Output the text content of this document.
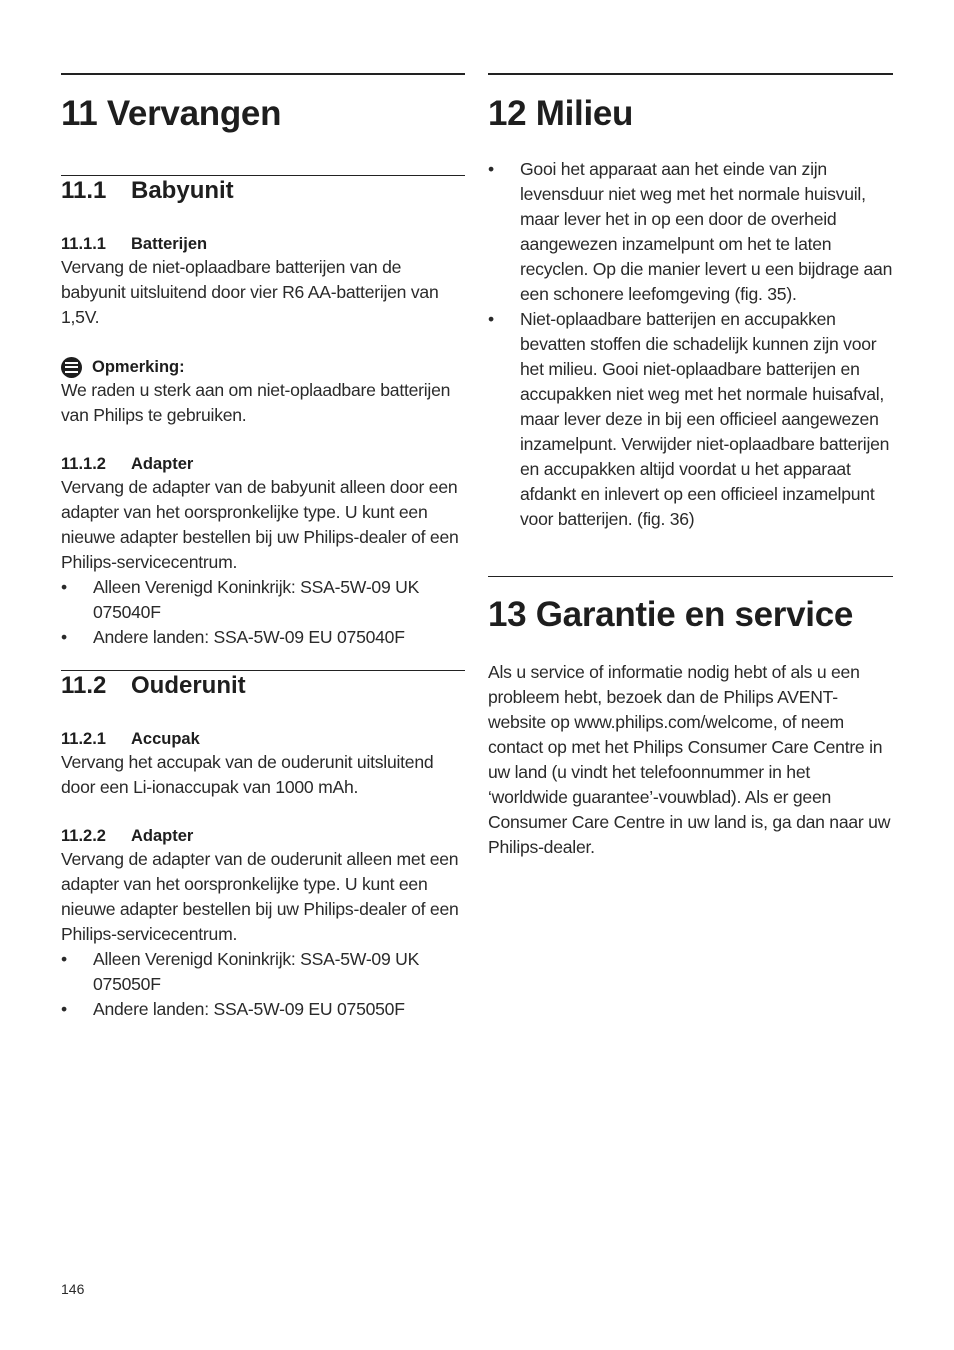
11 Vervangen
11.1 Babyunit
11.1.1 Batterijen

Vervang de niet-oplaadbare batterijen van de babyunit uitsluitend door vier R6 AA-batterijen van 1,5V.

Opmerking:

We raden u sterk aan om niet-oplaadbare batterijen van Philips te gebruiken.

11.1.2 Adapter

Vervang de adapter van de babyunit alleen door een adapter van het oorspronkelijke type. U kunt een nieuwe adapter bestellen bij uw Philips-dealer of een Philips-servicecentrum.

•	Alleen Verenigd Koninkrijk: SSA-5W-09 UK 075040F
•	Andere landen: SSA-5W-09 EU 075040F
11.2 Ouderunit
11.2.1 Accupak

Vervang het accupak van de ouderunit uitsluitend door een Li-ionaccupak van 1000 mAh.

11.2.2 Adapter

Vervang de adapter van de ouderunit alleen met een adapter van het oorspronkelijke type. U kunt een nieuwe adapter bestellen bij uw Philips-dealer of een Philips-servicecentrum.

•	Alleen Verenigd Koninkrijk: SSA-5W-09 UK 075050F
•	Andere landen: SSA-5W-09 EU 075050F
12 Milieu
•	Gooi het apparaat aan het einde van zijn levensduur niet weg met het normale huisvuil, maar lever het in op een door de overheid aangewezen inzamelpunt om het te laten recyclen. Op die manier levert u een bijdrage aan een schonere leefomgeving (fig. 35).
•	Niet-oplaadbare batterijen en accupakken bevatten stoffen die schadelijk kunnen zijn voor het milieu. Gooi niet-oplaadbare batterijen en accupakken niet weg met het normale huisafval, maar lever deze in bij een officieel aangewezen inzamelpunt. Verwijder niet-oplaadbare batterijen en accupakken altijd voordat u het apparaat afdankt en inlevert op een officieel inzamelpunt voor batterijen. (fig. 36)
13 Garantie en service

Als u service of informatie nodig hebt of als u een probleem hebt, bezoek dan de Philips AVENT-website op www.philips.com/welcome, of neem contact op met het Philips Consumer Care Centre in uw land (u vindt het telefoonnummer in het ‘worldwide guarantee’-vouwblad). Als er geen Consumer Care Centre in uw land is, ga dan naar uw Philips-dealer.

146
